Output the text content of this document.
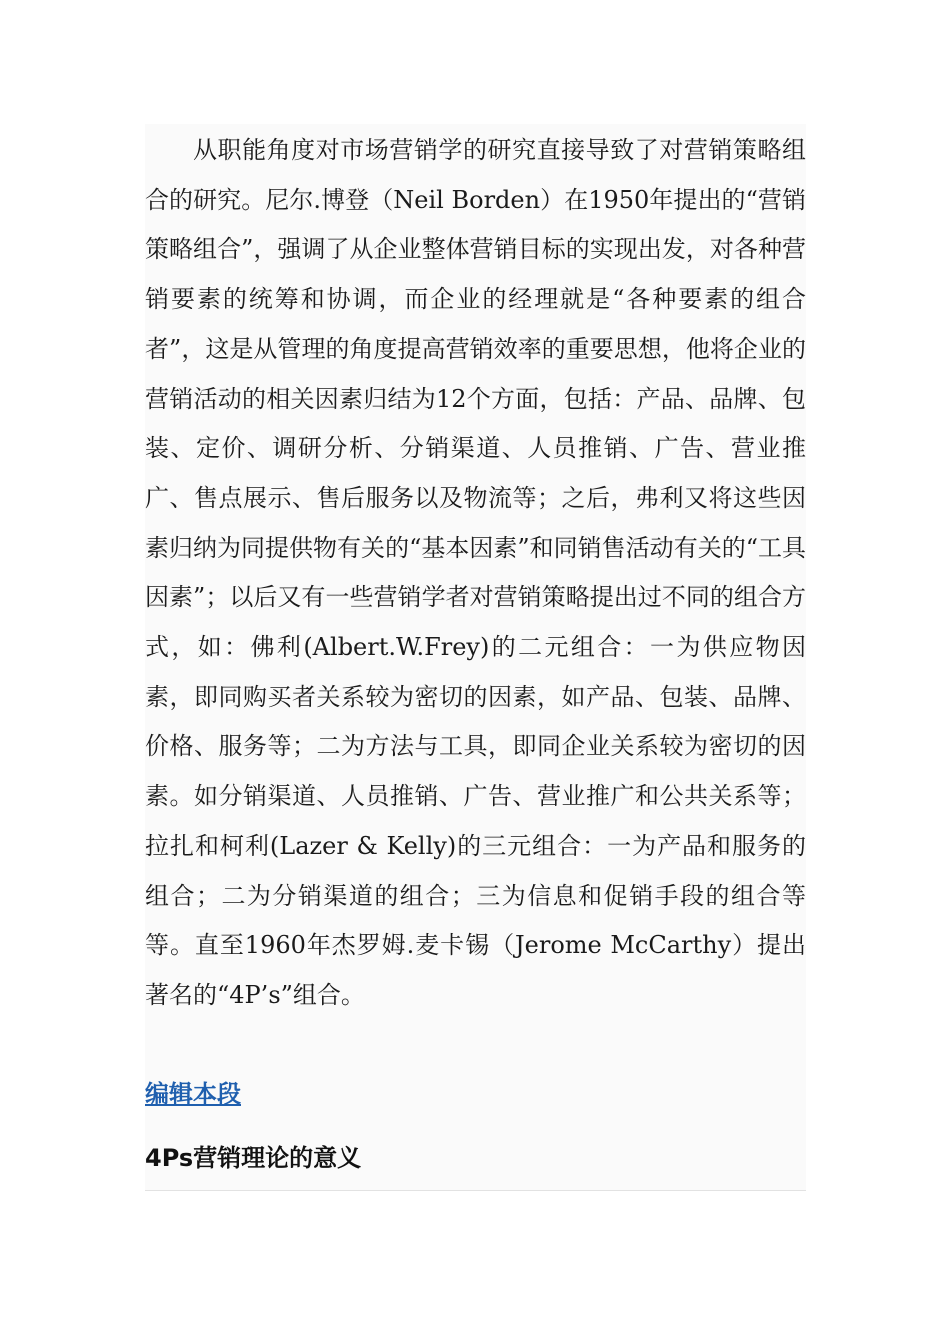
从职能角度对市场营销学的研究直接导致了对营销策略组合的研究。尼尔.博登（Neil Borden）在1950年提出的“营销策略组合”，强调了从企业整体营销目标的实现出发，对各种营销要素的统筹和协调，而企业的经理就是“各种要素的组合者”，这是从管理的角度提高营销效率的重要思想，他将企业的营销活动的相关因素归结为12个方面，包括：产品、品牌、包装、定价、调研分析、分销渠道、人员推销、广告、营业推广、售点展示、售后服务以及物流等；之后，弗利又将这些因素归纳为同提供物有关的“基本因素”和同销售活动有关的“工具因素”；以后又有一些营销学者对营销策略提出过不同的组合方式，如：佛利(Albert.W.Frey)的二元组合：一为供应物因素，即同购买者关系较为密切的因素，如产品、包装、品牌、价格、服务等；二为方法与工具，即同企业关系较为密切的因素。如分销渠道、人员推销、广告、营业推广和公共关系等；拉扎和柯利(Lazer & Kelly)的三元组合：一为产品和服务的组合；二为分销渠道的组合；三为信息和促销手段的组合等等。直至1960年杰罗姆.麦卡锡（Jerome McCarthy）提出著名的“4P’s”组合。

编辑本段
4Ps营销理论的意义
